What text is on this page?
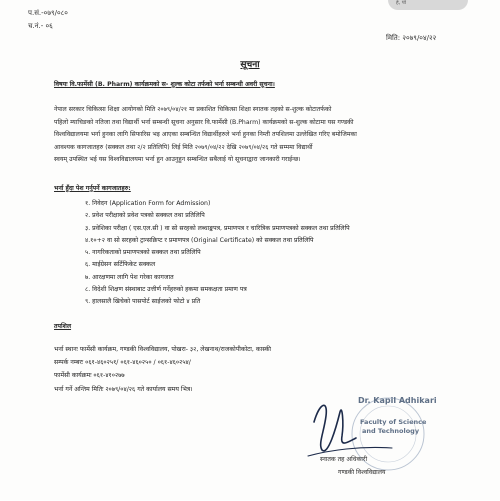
हे, पो
प.सं.-०७९/०८०
च.नं.- ०६
मिति: २०७९/०४/२२
सूचना
विषयः वि.फार्मेसी (B. Pharm) कार्यक्रमको स- शुल्क कोटा तर्फको भर्ना सम्बन्धी अवरी सूचना।
नेपाल सरकार चिकित्सा शिक्षा आयोगको मिति २०७९/०४/२१ मा प्रकाशित चिकित्सा शिक्षा स्नातक तहको स-शुल्क कोटातर्फको
पहिलो म्याचिङको नतिजा तथा विद्यार्थी भर्ना सम्बन्धी सूचना अनुसार वि.फार्मेसी (B.Pharm) कार्यक्रमको स-शुल्क कोटामा यस गण्डकी
विश्वविद्यालयमा भर्ना हुनका लागि सिफारिस भइ आएका सम्बन्धित विद्यार्थीहरुले भर्ना हुनका निम्ती तपशिलमा उल्लेखित गरिए बमोजिमका
आवश्यक कागजातहरु (सक्कल तथा २/२ प्रतिलिपि) लिई मिति २०७९/०४/२२ देखि २०७९/०४/२६ गते सम्ममा विद्यार्थी
स्वयम् उपस्थित भई यस विश्वविद्यालयमा भर्ना हुन आउनुहुन सम्बन्धित सबैलाई यो सूचनाद्वारा जानकारी गराईन्छ।
भर्ना हुँदा पेश गर्नुपर्ने कागजातहरु:
१. निवेदन (Application Form for Admission)
२. प्रवेश परीक्षाको प्रवेश पत्रको सक्कल तथा प्रतिलिपि
३. प्रवेशिका परीक्षा ( एस.एल.सी ) वा सो सरहको लब्धाङ्कपत्र, प्रमाणपत्र र चारित्रिक प्रमाणपत्रको सक्कल तथा प्रतिलिपि
४.१०+२ वा सो सरहको ट्रान्सक्रिप्ट र प्रमाणपत्र (Original Certificate) को सक्कल तथा प्रतिलिपि
५. नागरिकताको प्रमाणपत्रको सक्कल तथा प्रतिलिपि
६. माईग्रेसन सर्टिफिकेट सक्कल
७. आरक्षणमा लागि पेश गरेका कागजात
८. विदेशी शिक्षण संस्थाबाट उत्तीर्ण गर्नेहरुको हकमा समकक्षता प्रमाण पत्र
९. हालसालै खिचेको पासपोर्ट साईजको फोटो ४ प्रति
तपशिल
भर्ना स्थानः फार्मेसी कार्यक्रम, गण्डकी विश्वविद्यालय, पोखरा- ३२, लेखनाथ/राजकोपीकोटा, कास्की
सम्पर्क नम्बरः ०६१-४६०२५१/ ०६१-४६०२५० / ०६१-४६०२५४/
फार्मेसी कार्यक्रमः ०६१-४१०२७७
भर्ना गर्ने अन्तिम मितिः २०७९/०४/२६ गते कार्यालय समय भित्र।
Dr. Kapil Adhikari
Faculty of Science
and Technology
स्नातक तह अधिकारी
गण्डकी विश्वविद्यालय
